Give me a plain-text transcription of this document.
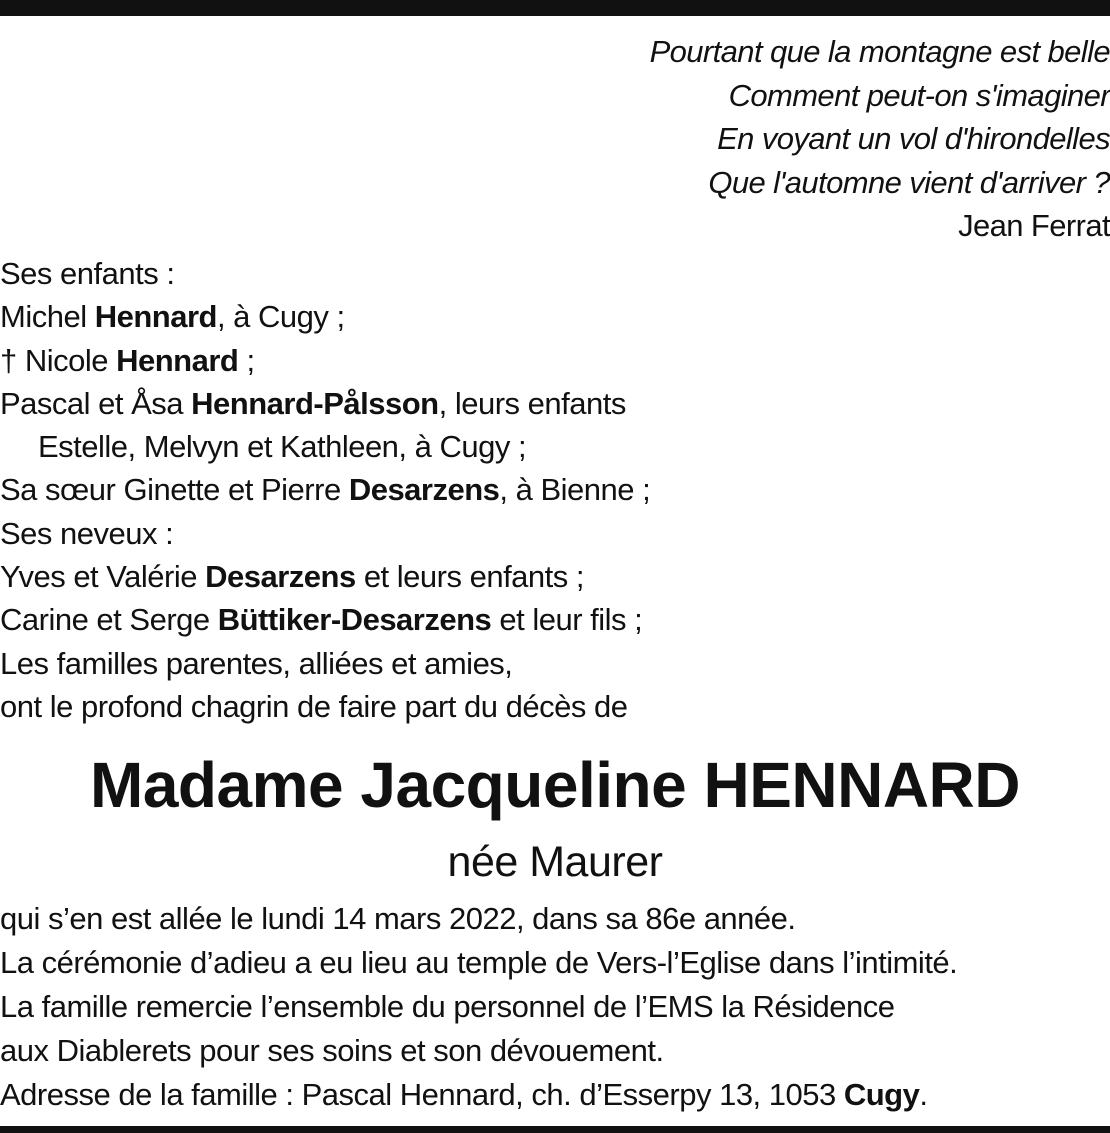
Pourtant que la montagne est belle
Comment peut-on s'imaginer
En voyant un vol d'hirondelles
Que l'automne vient d'arriver ?
Jean Ferrat
Ses enfants :
Michel Hennard, à Cugy ;
† Nicole Hennard ;
Pascal et Åsa Hennard-Pålsson, leurs enfants
Estelle, Melvyn et Kathleen, à Cugy ;
Sa sœur Ginette et Pierre Desarzens, à Bienne ;
Ses neveux :
Yves et Valérie Desarzens et leurs enfants ;
Carine et Serge Büttiker-Desarzens et leur fils ;
Les familles parentes, alliées et amies,
ont le profond chagrin de faire part du décès de
Madame Jacqueline HENNARD
née Maurer
qui s’en est allée le lundi 14 mars 2022, dans sa 86e année.
La cérémonie d’adieu a eu lieu au temple de Vers-l’Eglise dans l’intimité.
La famille remercie l’ensemble du personnel de l’EMS la Résidence
aux Diablerets pour ses soins et son dévouement.
Adresse de la famille : Pascal Hennard, ch. d’Esserpy 13, 1053 Cugy.
